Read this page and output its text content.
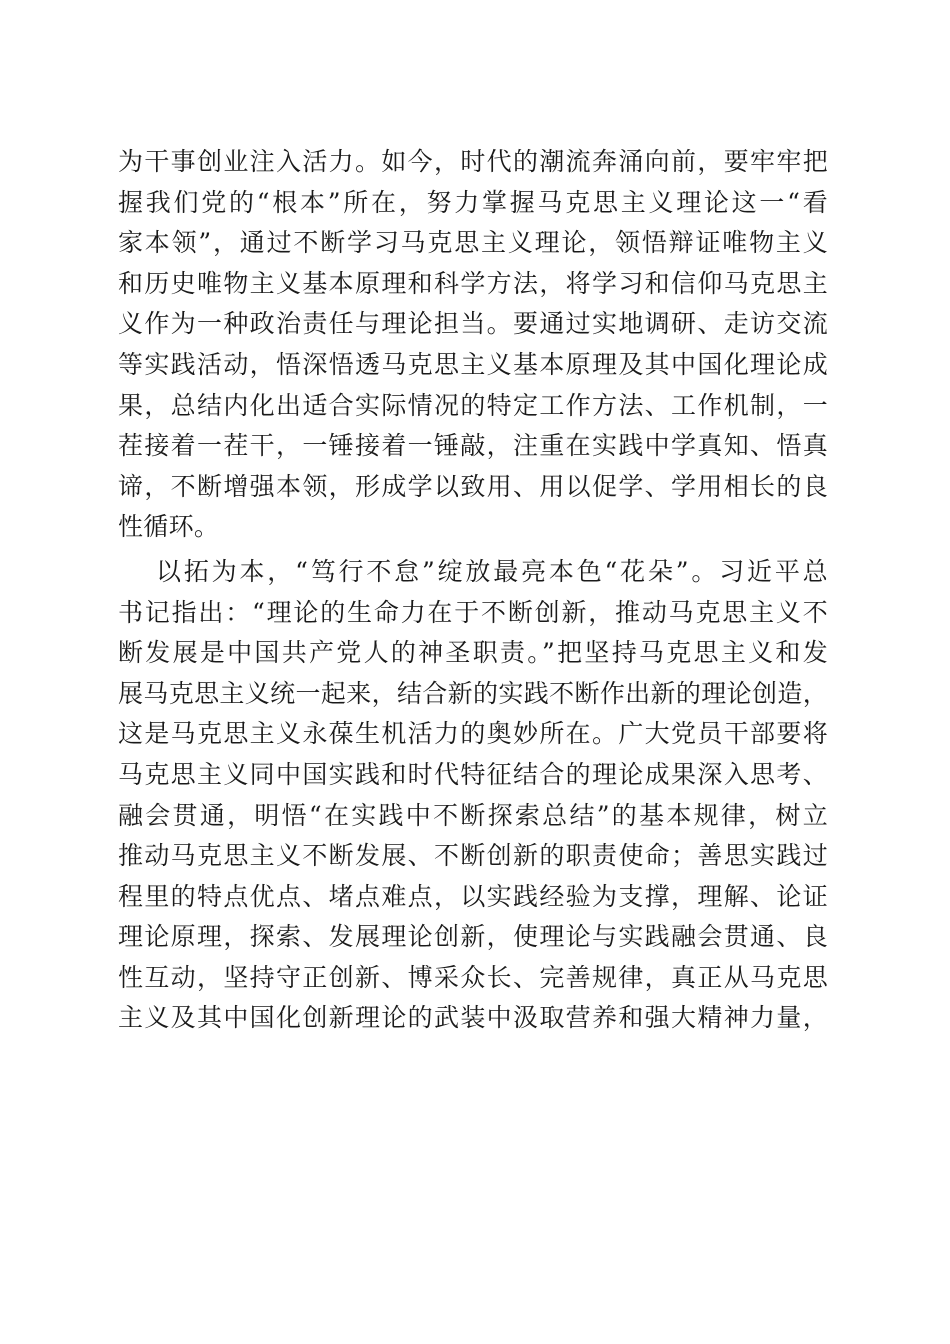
为干事创业注入活力。如今，时代的潮流奔涌向前，要牢牢把
握我们党的“根本”所在，努力掌握马克思主义理论这一“看
家本领”，通过不断学习马克思主义理论，领悟辩证唯物主义
和历史唯物主义基本原理和科学方法，将学习和信仰马克思主
义作为一种政治责任与理论担当。要通过实地调研、走访交流
等实践活动，悟深悟透马克思主义基本原理及其中国化理论成
果，总结内化出适合实际情况的特定工作方法、工作机制，一
茬接着一茬干，一锤接着一锤敲，注重在实践中学真知、悟真
谛，不断增强本领，形成学以致用、用以促学、学用相长的良
性循环。
以拓为本，“笃行不怠”绽放最亮本色“花朵”。习近平总
书记指出：“理论的生命力在于不断创新，推动马克思主义不
断发展是中国共产党人的神圣职责。”把坚持马克思主义和发
展马克思主义统一起来，结合新的实践不断作出新的理论创造，
这是马克思主义永葆生机活力的奥妙所在。广大党员干部要将
马克思主义同中国实践和时代特征结合的理论成果深入思考、
融会贯通，明悟“在实践中不断探索总结”的基本规律，树立
推动马克思主义不断发展、不断创新的职责使命；善思实践过
程里的特点优点、堵点难点，以实践经验为支撑，理解、论证
理论原理，探索、发展理论创新，使理论与实践融会贯通、良
性互动，坚持守正创新、博采众长、完善规律，真正从马克思
主义及其中国化创新理论的武装中汲取营养和强大精神力量，
